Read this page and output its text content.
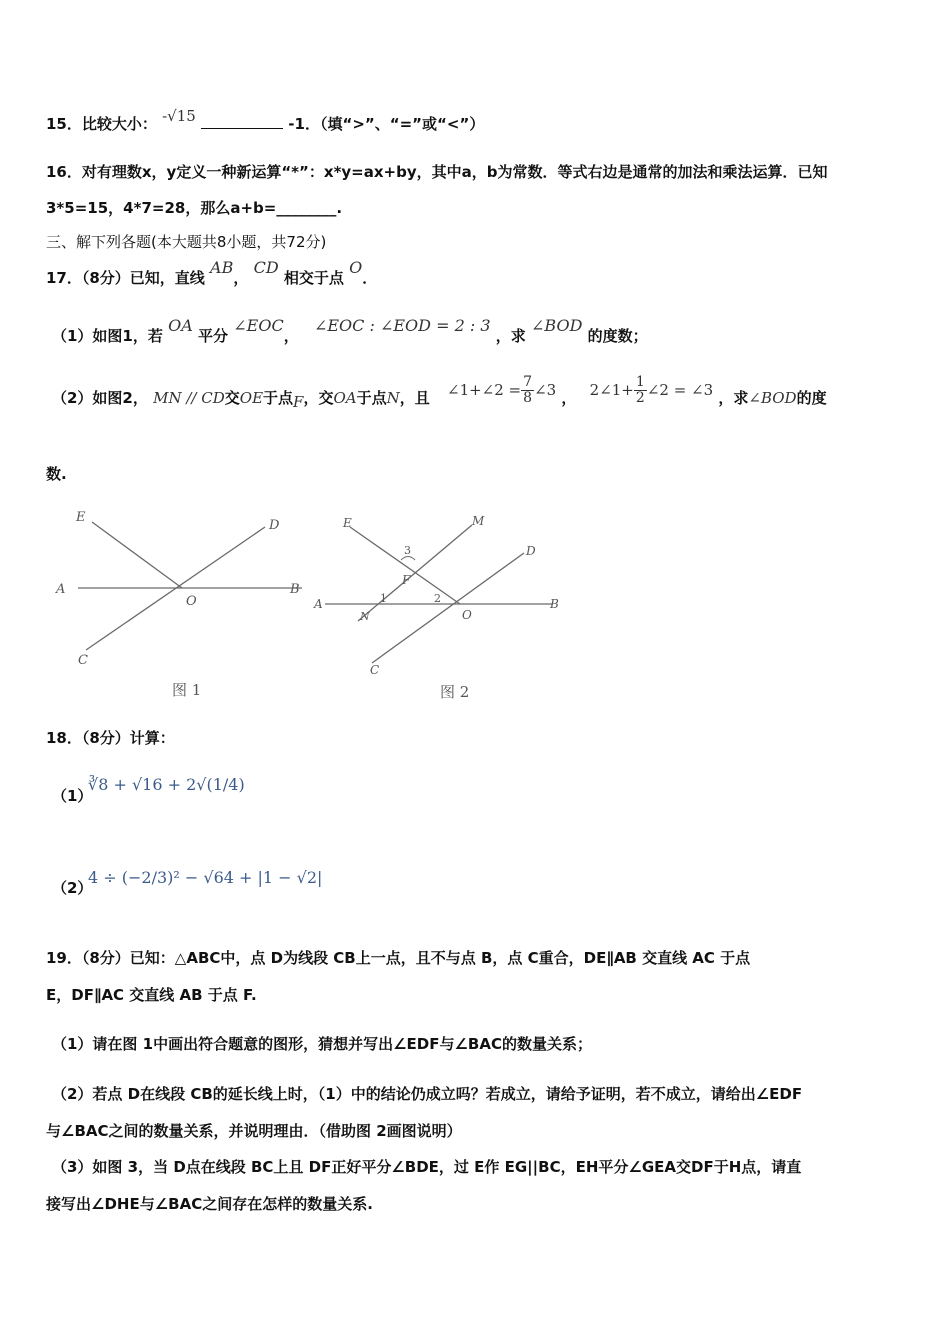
15．比较大小： -√15	-1．（填“>”、“=”或“<”）
16．对有理数x，y定义一种新运算“*”：x*y=ax+by，其中a，b为常数．等式右边是通常的加法和乘法运算．已知
3*5=15，4*7=28，那么a+b=________.
三、解下列各题(本大题共8小题，共72分)
17．（8分）已知，直线 AB， CD 相交于点 O．
（1）如图1，若 OA 平分 ∠EOC， ∠EOC : ∠EOD = 2 : 3 ，求 ∠BOD 的度数；
（2）如图2， MN // CD交OE于点F，交OA于点N，且 ∠1+∠2 = $\frac{7}{8}$ ∠3 ， 2∠1+ $\frac{1}{2}$ ∠2 = ∠3 ，求∠BOD的度
数.
E
D
A	B
O
C
图 1
E	M
D
A	B
O
C
F
N
1	2
3
图 2
18．（8分）计算：
（1）
∛8 + √16 + 2√(1/4)
（2）
4 ÷ (−2/3)² − √64 + |1 − √2|
19．（8分）已知：△ABC中，点 D为线段 CB上一点，且不与点 B，点 C重合，DE∥AB 交直线 AC 于点
E，DF∥AC 交直线 AB 于点 F.
（1）请在图 1中画出符合题意的图形，猜想并写出∠EDF与∠BAC的数量关系；
（2）若点 D在线段 CB的延长线上时，（1）中的结论仍成立吗？若成立，请给予证明，若不成立，请给出∠EDF
与∠BAC之间的数量关系，并说明理由．（借助图 2画图说明）
（3）如图 3，当 D点在线段 BC上且 DF正好平分∠BDE，过 E作 EG||BC，EH平分∠GEA交DF于H点，请直
接写出∠DHE与∠BAC之间存在怎样的数量关系.
